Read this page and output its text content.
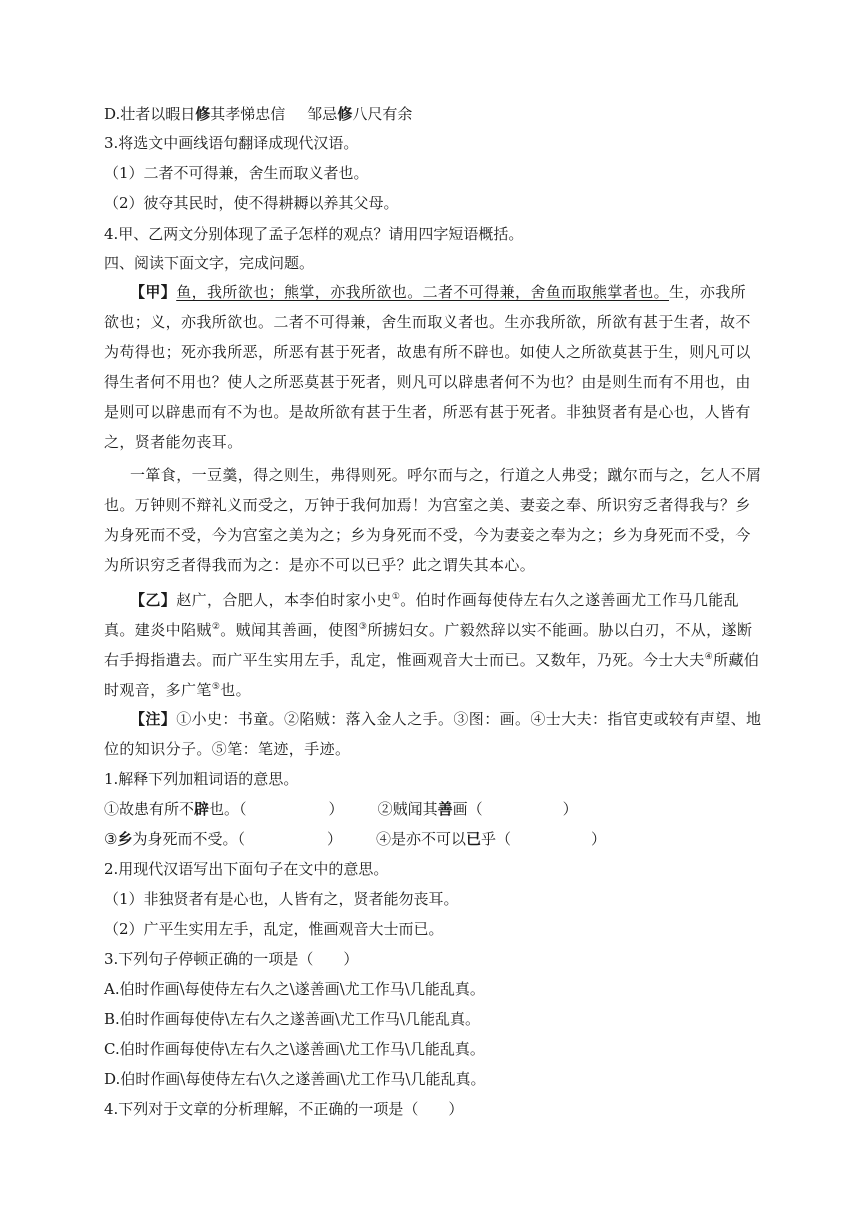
D.壮者以暇日修其孝悌忠信 邹忌修八尺有余
3.将选文中画线语句翻译成现代汉语。
（1）二者不可得兼，舍生而取义者也。
（2）彼夺其民时，使不得耕耨以养其父母。
4.甲、乙两文分别体现了孟子怎样的观点？请用四字短语概括。
四、阅读下面文字，完成问题。
【甲】鱼，我所欲也；熊掌，亦我所欲也。二者不可得兼，舍鱼而取熊掌者也。生，亦我所
欲也；义，亦我所欲也。二者不可得兼，舍生而取义者也。生亦我所欲，所欲有甚于生者，故不
为苟得也；死亦我所恶，所恶有甚于死者，故患有所不辟也。如使人之所欲莫甚于生，则凡可以
得生者何不用也？使人之所恶莫甚于死者，则凡可以辟患者何不为也？由是则生而有不用也，由
是则可以辟患而有不为也。是故所欲有甚于生者，所恶有甚于死者。非独贤者有是心也，人皆有
之，贤者能勿丧耳。
一箪食，一豆羹，得之则生，弗得则死。呼尔而与之，行道之人弗受；蹴尔而与之，乞人不屑
也。万钟则不辩礼义而受之，万钟于我何加焉！为宫室之美、妻妾之奉、所识穷乏者得我与？乡
为身死而不受，今为宫室之美为之；乡为身死而不受，今为妻妾之奉为之；乡为身死而不受，今
为所识穷乏者得我而为之：是亦不可以已乎？此之谓失其本心。
【乙】赵广，合肥人，本李伯时家小史①。伯时作画每使侍左右久之遂善画尤工作马几能乱
真。建炎中陷贼②。贼闻其善画，使图③所掳妇女。广毅然辞以实不能画。胁以白刃，不从，遂断
右手拇指遣去。而广平生实用左手，乱定，惟画观音大士而已。又数年，乃死。今士大夫④所藏伯
时观音，多广笔⑤也。
【注】①小史：书童。②陷贼：落入金人之手。③图：画。④士大夫：指官吏或较有声望、地
位的知识分子。⑤笔：笔迹，手迹。
1.解释下列加粗词语的意思。
①故患有所不辟也。（	） ②贼闻其善画（	）
③乡为身死而不受。（	） ④是亦不可以已乎（	）
2.用现代汉语写出下面句子在文中的意思。
（1）非独贤者有是心也，人皆有之，贤者能勿丧耳。
（2）广平生实用左手，乱定，惟画观音大士而已。
3.下列句子停顿正确的一项是（　　）
A.伯时作画\每使侍左右久之\遂善画\尤工作马\几能乱真。
B.伯时作画每使侍\左右久之遂善画\尤工作马\几能乱真。
C.伯时作画每使侍\左右久之\遂善画\尤工作马\几能乱真。
D.伯时作画\每使侍左右\久之遂善画\尤工作马\几能乱真。
4.下列对于文章的分析理解，不正确的一项是（　　）
